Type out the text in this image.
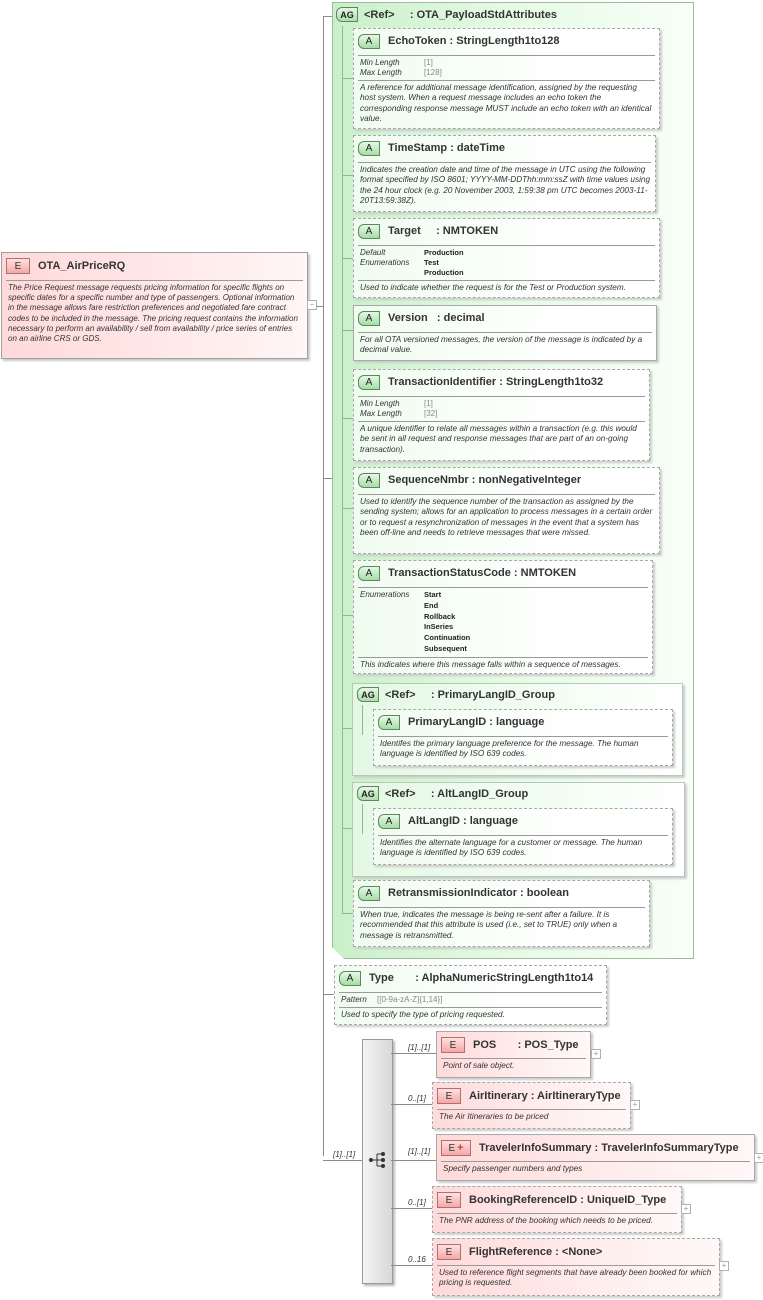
E	OTA_AirPriceRQ
The Price Request message requests pricing information for specific flights on specific dates for a specific number and type of passengers. Optional information in the message allows fare restriction preferences and negotiated fare contract codes to be included in the message. The pricing request contains the information necessary to perform an availability / sell from availability / price series of entries on an airline CRS or GDS.
−
AG <Ref>     : OTA_PayloadStdAttributes
A	EchoToken : StringLength1to128
Min Length	[1]
Max Length	[128]
A reference for additional message identification, assigned by the requesting host system. When a request message includes an echo token the corresponding response message MUST include an echo token with an identical value.
A	TimeStamp : dateTime
Indicates the creation date and time of the message in UTC using the following format specified by ISO 8601; YYYY-MM-DDThh:mm:ssZ with time values using the 24 hour clock (e.g. 20 November 2003, 1:59:38 pm UTC becomes 2003-11-20T13:59:38Z).
A	Target     : NMTOKEN
Default	Production
Enumerations	Test
Production
Used to indicate whether the request is for the Test or Production system.
A	Version   : decimal
For all OTA versioned messages, the version of the message is indicated by a decimal value.
A	TransactionIdentifier : StringLength1to32
Min Length	[1]
Max Length	[32]
A unique identifier to relate all messages within a transaction (e.g. this would be sent in all request and response messages that are part of an on-going transaction).
A	SequenceNmbr : nonNegativeInteger
Used to identify the sequence number of the transaction as assigned by the sending system; allows for an application to process messages in a certain order or to request a resynchronization of messages in the event that a system has been off-line and needs to retrieve messages that were missed.
A	TransactionStatusCode : NMTOKEN
Enumerations	Start
End
Rollback
InSeries
Continuation
Subsequent
This indicates where this message falls within a sequence of messages.
AG <Ref>     : PrimaryLangID_Group
A	PrimaryLangID : language
Identifes the primary language preference for the message. The human language is identified by ISO 639 codes.
AG <Ref>     : AltLangID_Group
A	AltLangID : language
Identifies the alternate language for a customer or message. The human language is identified by ISO 639 codes.
A	RetransmissionIndicator : boolean
When true, indicates the message is being re-sent after a failure. It is recommended that this attribute is used (i.e., set to TRUE) only when a message is retransmitted.
A	Type       : AlphaNumericStringLength1to14
Pattern	[[0-9a-zA-Z]{1,14}]
Used to specify the type of pricing requested.
[1]..[1]
[1]..[1]	E	POS       : POS_Type
Point of sale object.
+
0..[1]	E	AirItinerary : AirItineraryType
The Air Itineraries to be priced
+
[1]..[1] E + TravelerInfoSummary : TravelerInfoSummaryType
Specify passenger numbers and types
+
0..[1]	E	BookingReferenceID : UniqueID_Type
The PNR address of the booking which needs to be priced.
+
0..16
E	FlightReference : <None>
Used to reference flight segments that have already been booked for which pricing is requested.
+
